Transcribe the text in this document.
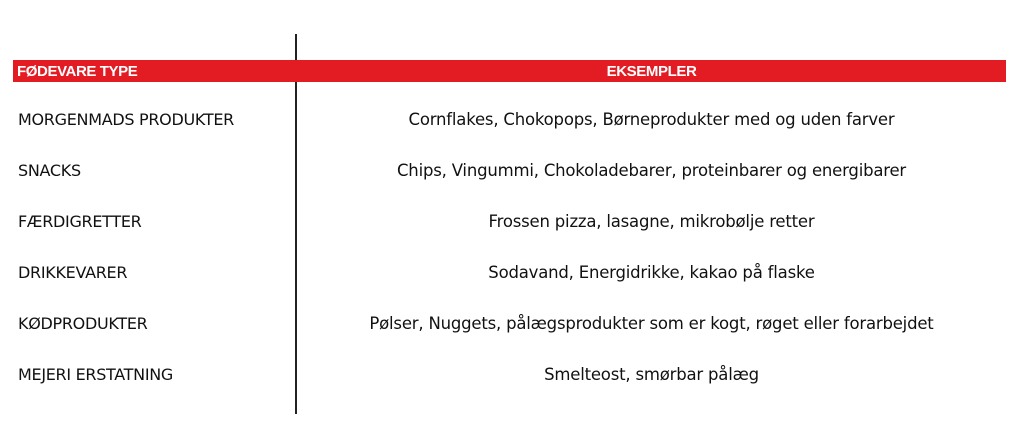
FØDEVARE TYPE	EKSEMPLER
MORGENMADS PRODUKTER	Cornflakes, Chokopops, Børneprodukter med og uden farver
SNACKS	Chips, Vingummi, Chokoladebarer, proteinbarer og energibarer
FÆRDIGRETTER	Frossen pizza, lasagne, mikrobølje retter
DRIKKEVARER	Sodavand, Energidrikke, kakao på flaske
KØDPRODUKTER	Pølser, Nuggets, pålægsprodukter som er kogt, røget eller forarbejdet
MEJERI ERSTATNING	Smelteost, smørbar pålæg
